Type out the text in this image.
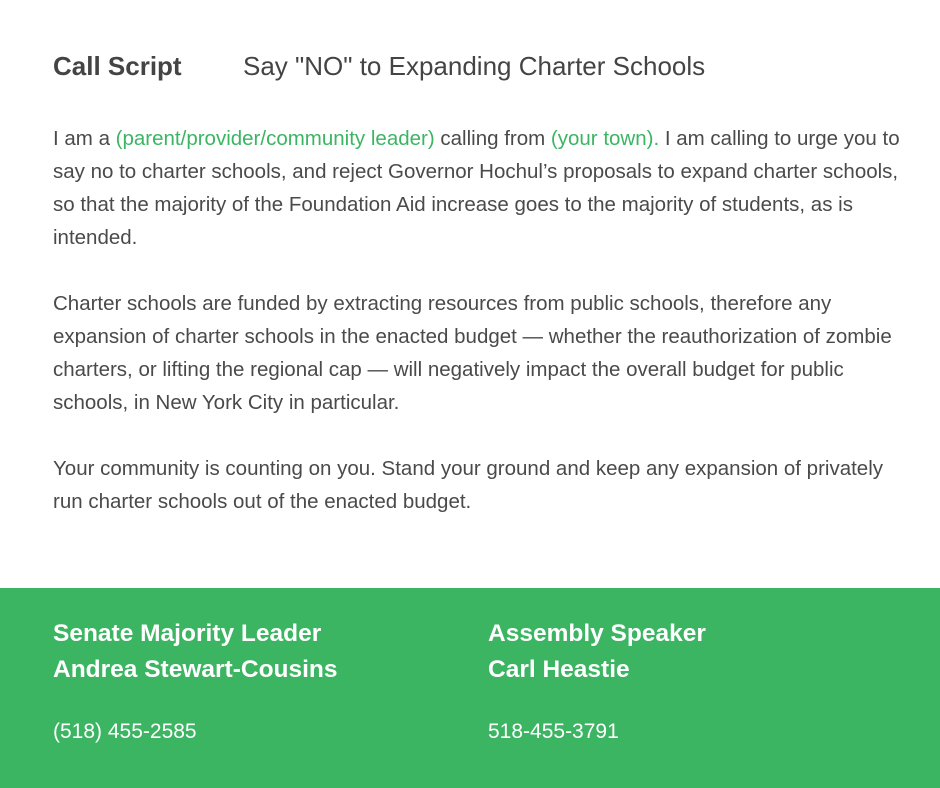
Call Script Say "NO" to Expanding Charter Schools

I am a (parent/provider/community leader) calling from (your town). I am calling to urge you to say no to charter schools, and reject Governor Hochul’s proposals to expand charter schools, so that the majority of the Foundation Aid increase goes to the majority of students, as is intended.

Charter schools are funded by extracting resources from public schools, therefore any expansion of charter schools in the enacted budget — whether the reauthorization of zombie charters, or lifting the regional cap — will negatively impact the overall budget for public schools, in New York City in particular.

Your community is counting on you. Stand your ground and keep any expansion of privately run charter schools out of the enacted budget.

Senate Majority Leader
Andrea Stewart-Cousins
(518) 455-2585
Assembly Speaker
Carl Heastie
518-455-3791
